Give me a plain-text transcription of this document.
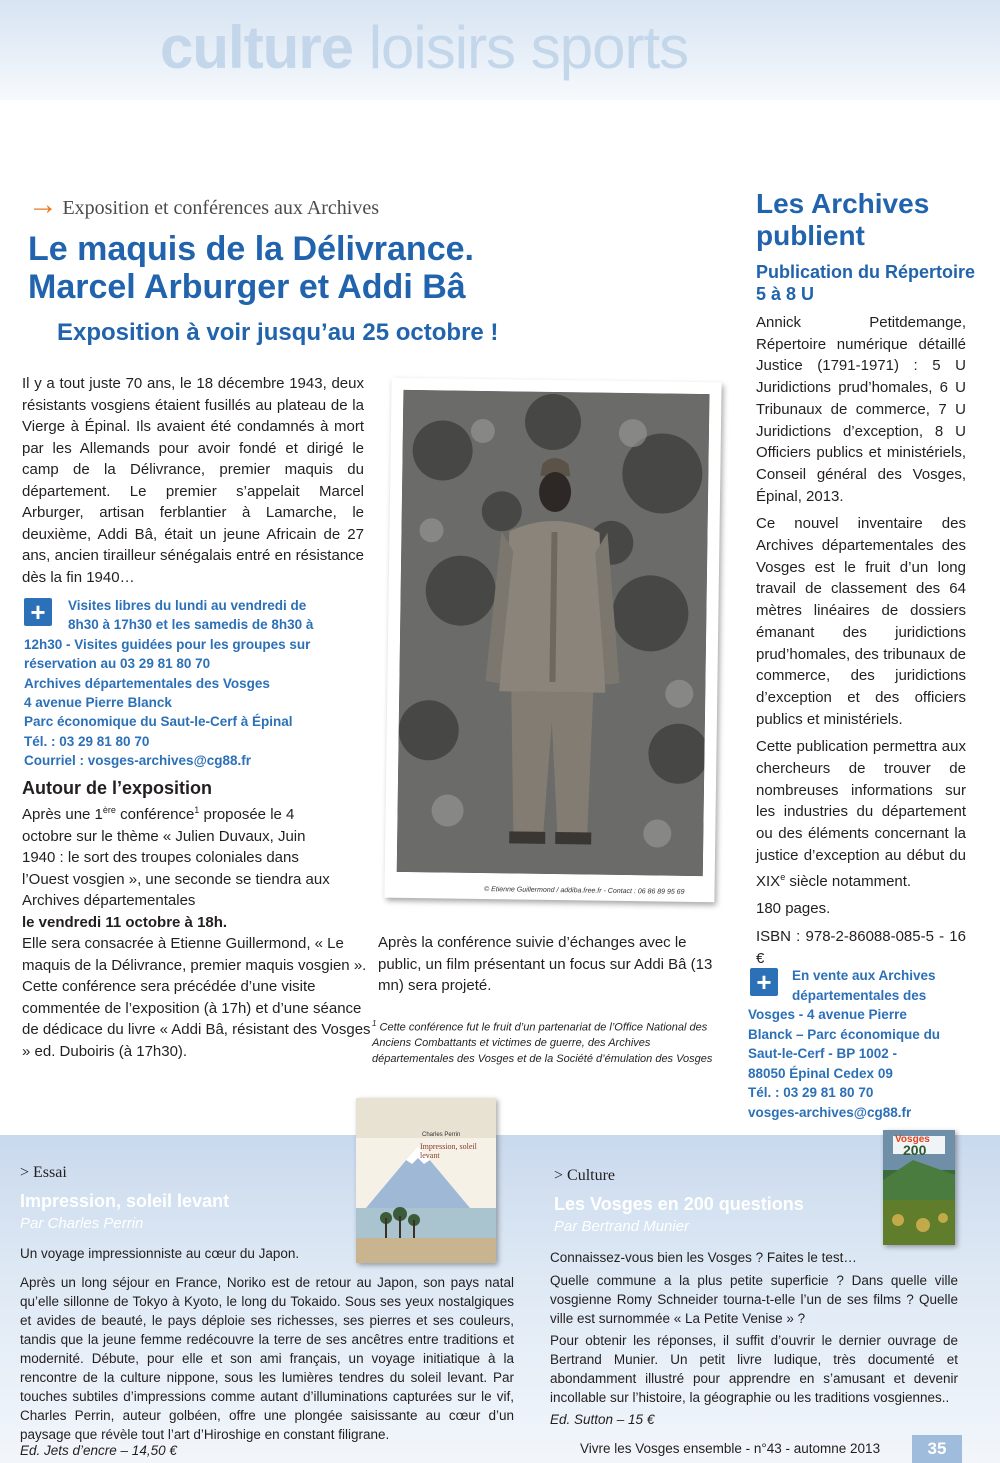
culture loisirs sports
→ Exposition et conférences aux Archives
Le maquis de la Délivrance.
Marcel Arburger et Addi Bâ
Exposition à voir jusqu’au 25 octobre !
Il y a tout juste 70 ans, le 18 décembre 1943, deux résistants vosgiens étaient fusillés au plateau de la Vierge à Épinal. Ils avaient été condamnés à mort par les Allemands pour avoir fondé et dirigé le camp de la Délivrance, premier maquis du département. Le premier s’appelait Marcel Arburger, artisan ferblantier à Lamarche, le deuxième, Addi Bâ, était un jeune Africain de 27 ans, ancien tirailleur sénégalais entré en résistance dès la fin 1940…
+	Visites libres du lundi au vendredi de
8h30 à 17h30 et les samedis de 8h30 à
12h30 - Visites guidées pour les groupes sur
réservation au 03 29 81 80 70
Archives départementales des Vosges
4 avenue Pierre Blanck
Parc économique du Saut-le-Cerf à Épinal
Tél. : 03 29 81 80 70
Courriel : vosges-archives@cg88.fr
Autour de l’exposition

Après une 1ère conférence$^1$ proposée le 4 octobre sur le thème « Julien Duvaux, Juin 1940 : le sort des troupes coloniales dans l’Ouest vosgien », une seconde se tiendra aux Archives départementales

le vendredi 11 octobre à 18h.

Elle sera consacrée à Etienne Guillermond, « Le maquis de la Délivrance, premier maquis vosgien ».

Cette conférence sera précédée d’une visite commentée de l’exposition (à 17h) et d’une séance de dédicace du livre « Addi Bâ, résistant des Vosges » ed. Duboiris (à 17h30).

© Etienne Guillermond / addiba.free.fr - Contact : 06 86 89 95 69
Après la conférence suivie d’échanges avec le public, un film présentant un focus sur Addi Bâ (13 mn) sera projeté.
$^1$ Cette conférence fut le fruit d’un partenariat de l’Office National des Anciens Combattants et victimes de guerre, des Archives départementales des Vosges et de la Société d’émulation des Vosges
Les Archives publient
Publication du Répertoire 5 à 8 U

Annick Petitdemange, Répertoire numérique détaillé Justice (1791-1971) : 5 U Juridictions prud’homales, 6 U Tribunaux de commerce, 7 U Juridictions d’exception, 8 U Officiers publics et ministériels, Conseil général des Vosges, Épinal, 2013.

Ce nouvel inventaire des Archives départementales des Vosges est le fruit d’un long travail de classement des 64 mètres linéaires de dossiers émanant des juridictions prud’homales, des tribunaux de commerce, des juridictions d’exception et des officiers publics et ministériels.

Cette publication permettra aux chercheurs de trouver de nombreuses informations sur les industries du département ou des éléments concernant la justice d’exception au début du XIXe siècle notamment.

180 pages.

ISBN : 978-2-86088-085-5 - 16 €

+	En vente aux Archives
départementales des
Vosges - 4 avenue Pierre
Blanck – Parc économique du
Saut-le-Cerf - BP 1002 -
88050 Épinal Cedex 09
Tél. : 03 29 81 80 70
vosges-archives@cg88.fr
Charles Perrin
Impression, soleil levant
Vosges
200
> Essai
Impression, soleil levant
Par Charles Perrin
Un voyage impressionniste au cœur du Japon.
Après un long séjour en France, Noriko est de retour au Japon, son pays natal qu’elle sillonne de Tokyo à Kyoto, le long du Tokaido. Sous ses yeux nostalgiques et avides de beauté, le pays déploie ses richesses, ses pierres et ses couleurs, tandis que la jeune femme redécouvre la terre de ses ancêtres entre traditions et modernité. Débute, pour elle et son ami français, un voyage initiatique à la rencontre de la culture nippone, sous les lumières tendres du soleil levant. Par touches subtiles d’impressions comme autant d’illuminations capturées sur le vif, Charles Perrin, auteur golbéen, offre une plongée saisissante au cœur d’un paysage que révèle tout l’art d’Hiroshige en constant filigrane.
Ed. Jets d’encre – 14,50 €
> Culture
Les Vosges en 200 questions
Par Bertrand Munier
Connaissez-vous bien les Vosges ? Faites le test…
Quelle commune a la plus petite superficie ? Dans quelle ville vosgienne Romy Schneider tourna-t-elle l’un de ses films ? Quelle ville est surnommée « La Petite Venise » ?
Pour obtenir les réponses, il suffit d’ouvrir le dernier ouvrage de Bertrand Munier. Un petit livre ludique, très documenté et abondamment illustré pour apprendre en s’amusant et devenir incollable sur l’histoire, la géographie ou les traditions vosgiennes..
Ed. Sutton – 15 €
Vivre les Vosges ensemble - n°43 - automne 2013	35
